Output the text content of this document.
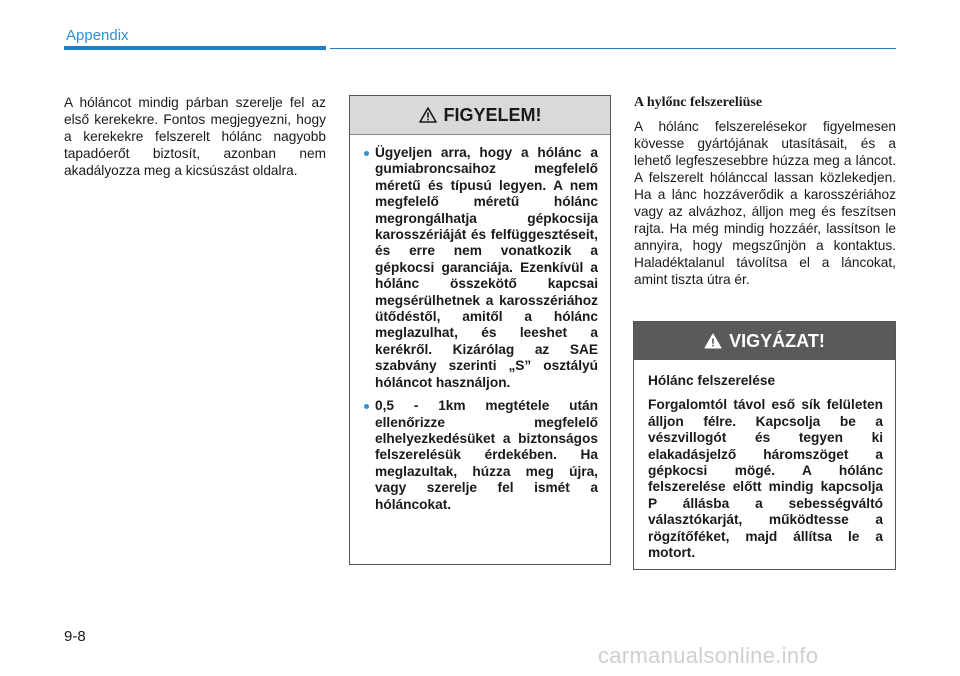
Appendix

A hóláncot mindig párban szerelje fel az első kerekekre. Fontos megjegyezni, hogy a kerekekre felszerelt hólánc nagyobb tapadóerőt biztosít, azonban nem akadályozza meg a kicsúszást oldalra.

FIGYELEM!
Ügyeljen arra, hogy a hólánc a gumiabroncsaihoz megfelelő méretű és típusú legyen. A nem megfelelő méretű hólánc megrongálhatja gépkocsija karosszériáját és felfüggesztéseit, és erre nem vonatkozik a gépkocsi garanciája. Ezenkívül a hólánc összekötő kapcsai megsérülhetnek a karosszériához ütődéstől, amitől a hólánc meglazulhat, és leeshet a kerékről. Kizárólag az SAE szabvány szerinti „S” osztályú hóláncot használjon.
0,5 - 1km megtétele után ellenőrizze megfelelő elhelyezkedésüket a biztonságos felszerelésük érdekében. Ha meglazultak, húzza meg újra, vagy szerelje fel ismét a hóláncokat.
A hylőnc felszereliüse

A hólánc felszerelésekor figyelmesen kövesse gyártójának utasításait, és a lehető legfeszesebbre húzza meg a láncot. A felszerelt hólánccal lassan közlekedjen. Ha a lánc hozzáverődik a karosszériához vagy az alvázhoz, álljon meg és feszítsen rajta. Ha még mindig hozzáér, lassítson le annyira, hogy megszűnjön a kontaktus. Haladéktalanul távolítsa el a láncokat, amint tiszta útra ér.

VIGYÁZAT!

Hólánc felszerelése

Forgalomtól távol eső sík felületen álljon félre. Kapcsolja be a vészvillogót és tegyen ki elakadásjelző háromszöget a gépkocsi mögé. A hólánc felszerelése előtt mindig kapcsolja P állásba a sebességváltó választókarját, működtesse a rögzítőféket, majd állítsa le a motort.

9-8
carmanualsonline.info
